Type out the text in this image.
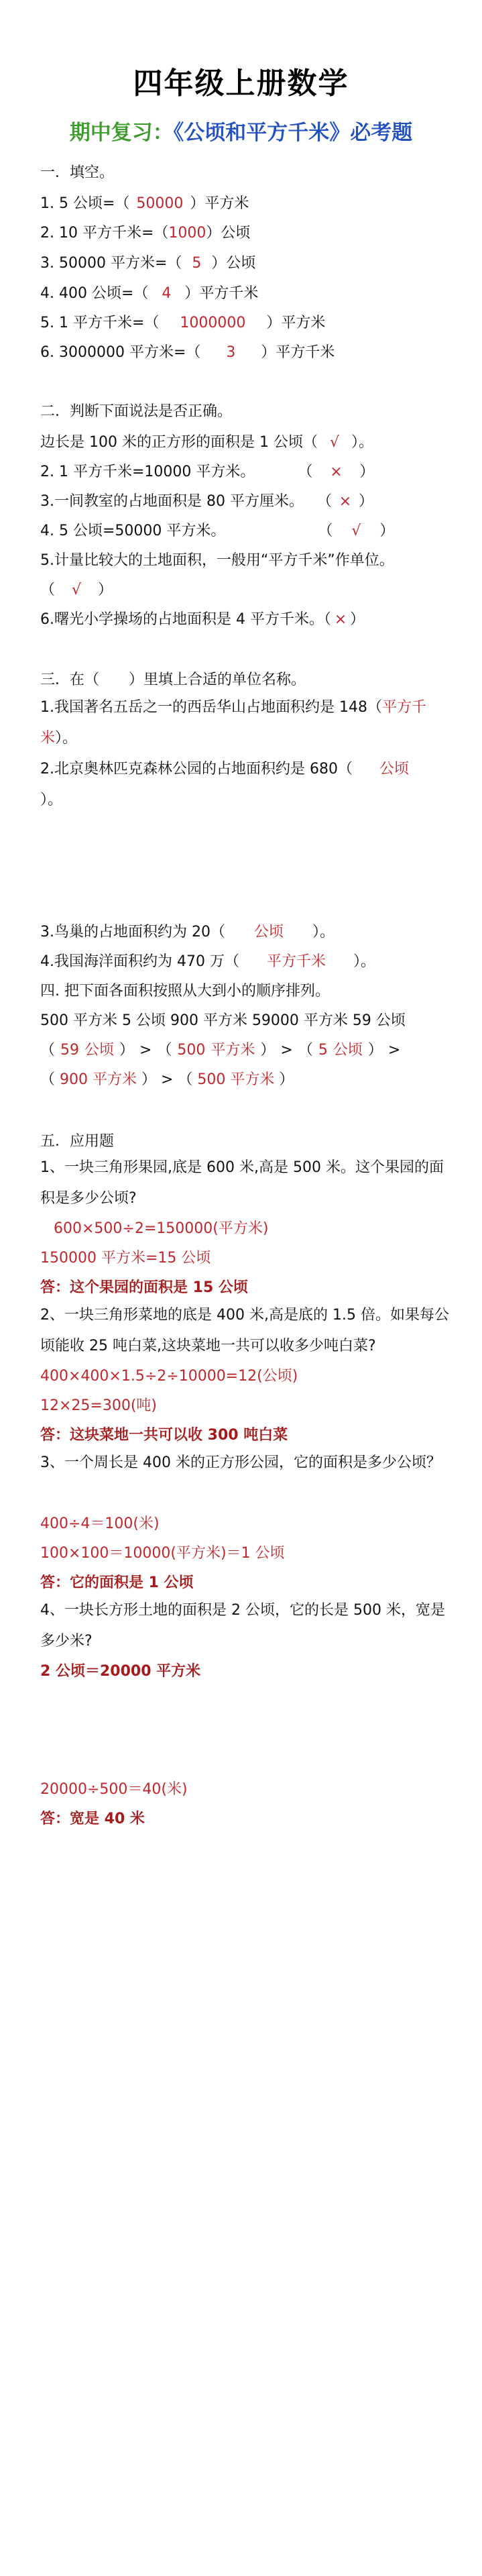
四年级上册数学
期中复习：《公顷和平方千米》必考题
一．填空。
1. 5 公顷=（ 50000 ）平方米
2. 10 平方千米=（1000）公顷
3. 50000 平方米=（ 5 ）公顷
4. 400 公顷=（ 4 ）平方千米
5. 1 平方千米=（ 1000000 ）平方米
6. 3000000 平方米=（ 3 ）平方千米
二．判断下面说法是否正确。
边长是 100 米的正方形的面积是 1 公顷（ √ ）。
2. 1 平方千米=10000 平方米。	（ × ）
3.一间教室的占地面积是 80 平方厘米。 （ × ）
4. 5 公顷=50000 平方米。	（ √ ）
5.计量比较大的土地面积，一般用“平方千米”作单位。
（ √ ）
6.曙光小学操场的占地面积是 4 平方千米。（ × ）
三．在（　　）里填上合适的单位名称。
1.我国著名五岳之一的西岳华山占地面积约是 148（平方千米）。
2.北京奥林匹克森林公园的占地面积约是 680（ 公顷）。
3.鸟巢的占地面积约为 20（ 公顷 ）。
4.我国海洋面积约为 470 万（ 平方千米 ）。
四. 把下面各面积按照从大到小的顺序排列。
500 平方米 5 公顷 900 平方米 59000 平方米 59 公顷
（ 59 公顷 ） > （ 500 平方米 ） > （ 5 公顷 ） >
（ 900 平方米 ） > （ 500 平方米 ）
五．应用题
1、一块三角形果园,底是 600 米,高是 500 米。这个果园的面积是多少公顷?
600×500÷2=150000(平方米)
150000 平方米=15 公顷
答：这个果园的面积是 15 公顷
2、一块三角形菜地的底是 400 米,高是底的 1.5 倍。如果每公顷能收 25 吨白菜,这块菜地一共可以收多少吨白菜?
400×400×1.5÷2÷10000=12(公顷)
12×25=300(吨)
答：这块菜地一共可以收 300 吨白菜
3、一个周长是 400 米的正方形公园，它的面积是多少公顷？
400÷4＝100(米)
100×100＝10000(平方米)＝1 公顷
答：它的面积是 1 公顷
4、一块长方形土地的面积是 2 公顷，它的长是 500 米，宽是多少米?
2 公顷＝20000 平方米
20000÷500＝40(米)
答：宽是 40 米
